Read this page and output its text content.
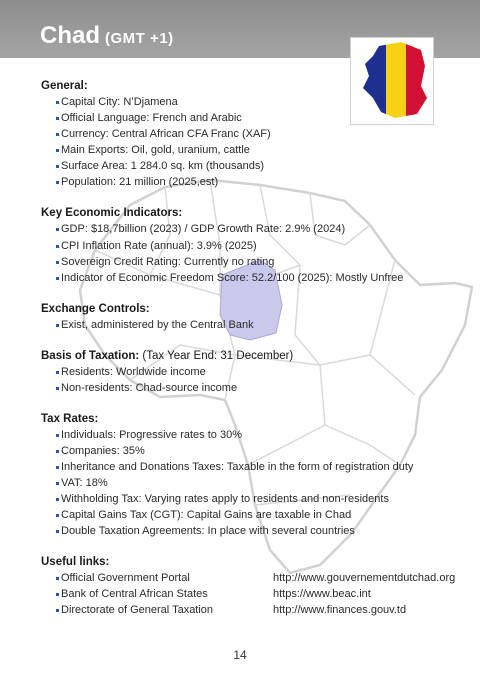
Chad (GMT +1)
General:
Capital City: N’Djamena
Official Language: French and Arabic
Currency: Central African CFA Franc (XAF)
Main Exports: Oil, gold, uranium, cattle
Surface Area: 1 284.0 sq. km (thousands)
Population: 21 million (2025,est)
Key Economic Indicators:
GDP: $18,7billion (2023) / GDP Growth Rate: 2.9% (2024)
CPI Inflation Rate (annual): 3.9% (2025)
Sovereign Credit Rating: Currently no rating
Indicator of Economic Freedom Score: 52.2/100 (2025): Mostly Unfree
Exchange Controls:
Exist, administered by the Central Bank
Basis of Taxation: (Tax Year End: 31 December)
Residents: Worldwide income
Non-residents: Chad-source income
Tax Rates:
Individuals: Progressive rates to 30%
Companies: 35%
Inheritance and Donations Taxes: Taxable in the form of registration duty
VAT: 18%
Withholding Tax: Varying rates apply to residents and non-residents
Capital Gains Tax (CGT): Capital Gains are taxable in Chad
Double Taxation Agreements: In place with several countries
Useful links:
Official Government Portal	http://www.gouvernementdutchad.org
Bank of Central African States	https://www.beac.int
Directorate of General Taxation	http://www.finances.gouv.td
14
